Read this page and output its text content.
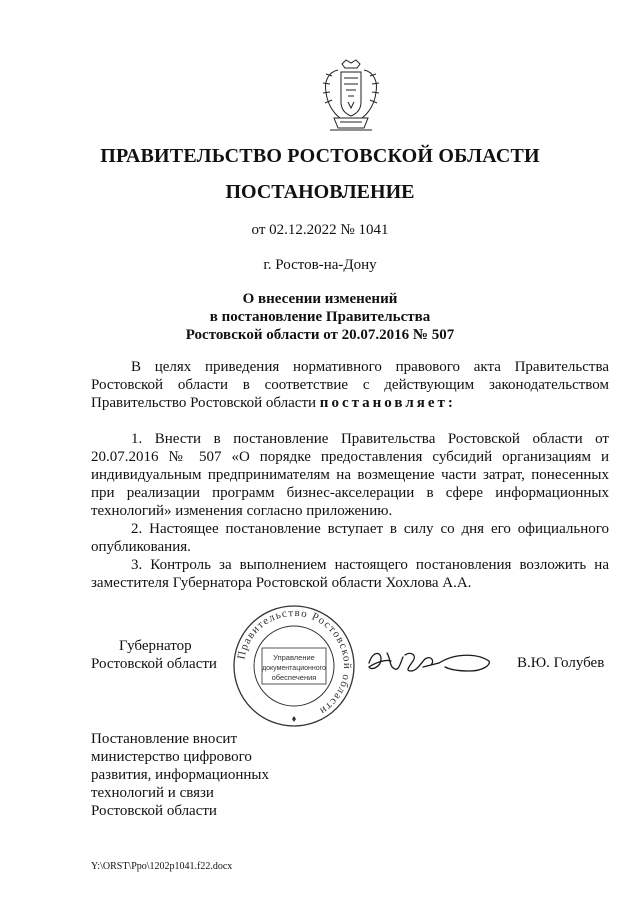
ПРАВИТЕЛЬСТВО РОСТОВСКОЙ ОБЛАСТИ
ПОСТАНОВЛЕНИЕ
от 02.12.2022 № 1041
г. Ростов-на-Дону
О внесении изменений
в постановление Правительства
Ростовской области от 20.07.2016 № 507
В целях приведения нормативного правового акта Правительства Ростовской области в соответствие с действующим законодательством Правительство Ростовской области постановляет:

1. Внести в постановление Правительства Ростовской области от 20.07.2016 № 507 «О порядке предоставления субсидий организациям и индивидуальным предпринимателям на возмещение части затрат, понесенных при реализации программ бизнес-акселерации в сфере информационных технологий» изменения согласно приложению.

2. Настоящее постановление вступает в силу со дня его официального опубликования.

3. Контроль за выполнением настоящего постановления возложить на заместителя Губернатора Ростовской области Хохлова А.А.

Губернатор
Ростовской области
Правительство Ростовской области
Управление
документационного
обеспечения
В.Ю. Голубев
Постановление вносит
министерство цифрового
развития, информационных
технологий и связи
Ростовской области
Y:\ORST\Ppo\1202p1041.f22.docx
